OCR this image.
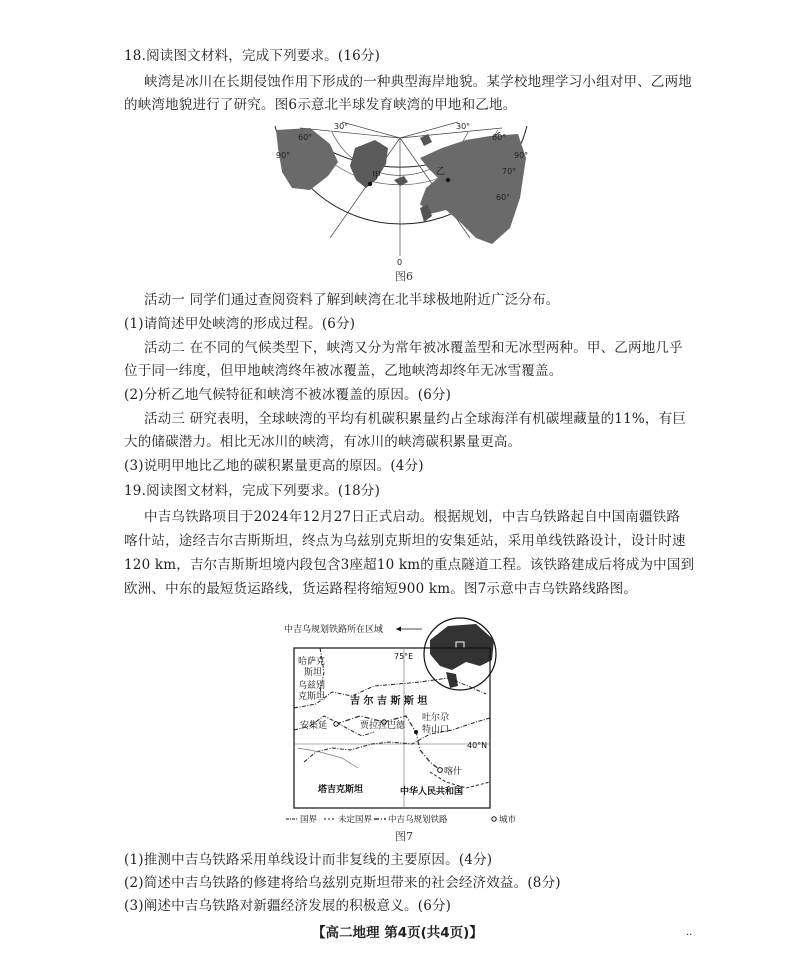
18.阅读图文材料，完成下列要求。(16分)
峡湾是冰川在长期侵蚀作用下形成的一种典型海岸地貌。某学校地理学习小组对甲、乙两地
的峡湾地貌进行了研究。图6示意北半球发育峡湾的甲地和乙地。
甲	乙
30°
60°
90°
30°
60°
90°
0
70°
60°
图6
活动一 同学们通过查阅资料了解到峡湾在北半球极地附近广泛分布。
(1)请简述甲处峡湾的形成过程。(6分)
活动二 在不同的气候类型下，峡湾又分为常年被冰覆盖型和无冰型两种。甲、乙两地几乎
位于同一纬度，但甲地峡湾终年被冰覆盖，乙地峡湾却终年无冰雪覆盖。
(2)分析乙地气候特征和峡湾不被冰覆盖的原因。(6分)
活动三 研究表明，全球峡湾的平均有机碳积累量约占全球海洋有机碳埋藏量的11%，有巨
大的储碳潜力。相比无冰川的峡湾，有冰川的峡湾碳积累量更高。
(3)说明甲地比乙地的碳积累量更高的原因。(4分)
19.阅读图文材料，完成下列要求。(18分)
中吉乌铁路项目于2024年12月27日正式启动。根据规划，中吉乌铁路起自中国南疆铁路
喀什站，途经吉尔吉斯斯坦，终点为乌兹别克斯坦的安集延站，采用单线铁路设计，设计时速
120 km，吉尔吉斯斯坦境内段包含3座超10 km的重点隧道工程。该铁路建成后将成为中国到
欧洲、中东的最短货运路线，货运路程将缩短900 km。图7示意中吉乌铁路线路图。
中吉乌规划铁路所在区域
75°E
40°N
哈萨克
斯坦
乌兹别
克斯坦 吉 尔 吉 斯 斯 坦
安集延	贾拉拉巴德
吐尔尕
特山口
喀什
塔吉克斯坦	中华人民共和国
国界 未定国界 中吉乌规划铁路	城市
图7
(1)推测中吉乌铁路采用单线设计而非复线的主要原因。(4分)
(2)简述中吉乌铁路的修建将给乌兹别克斯坦带来的社会经济效益。(8分)
(3)阐述中吉乌铁路对新疆经济发展的积极意义。(6分)
【高二地理 第4页(共4页)】	··
